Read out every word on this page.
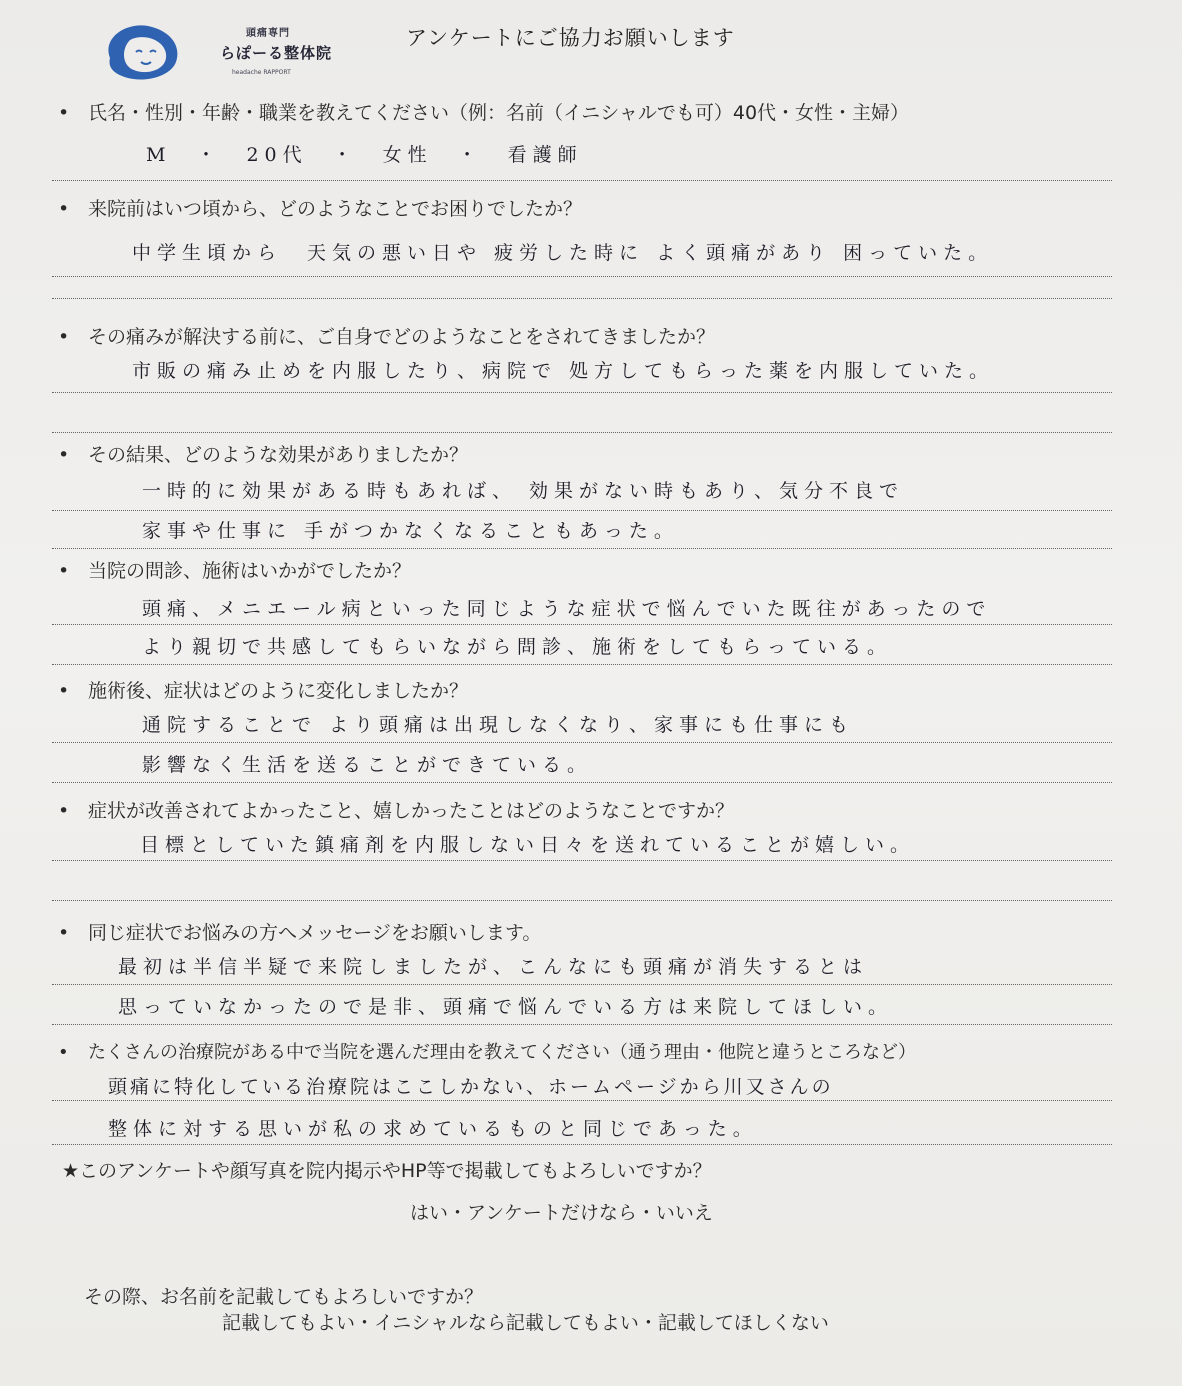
頭痛専門
らぽーる整体院
headache RAPPORT
アンケートにご協力お願いします
• 氏名・性別・年齢・職業を教えてください（例：名前（イニシャルでも可）40代・女性・主婦）
M　・　20代　・　女性　・　看護師
• 来院前はいつ頃から、どのようなことでお困りでしたか？
中学生頃から　天気の悪い日や 疲労した時に よく頭痛があり 困っていた。
• その痛みが解決する前に、ご自身でどのようなことをされてきましたか？
市販の痛み止めを内服したり、病院で 処方してもらった薬を内服していた。
• その結果、どのような効果がありましたか？
一時的に効果がある時もあれば、 効果がない時もあり、気分不良で
家事や仕事に 手がつかなくなることもあった。
• 当院の問診、施術はいかがでしたか？
頭痛、メニエール病といった同じような症状で悩んでいた既往があったので
より親切で共感してもらいながら問診、施術をしてもらっている。
• 施術後、症状はどのように変化しましたか？
通院することで より頭痛は出現しなくなり、家事にも仕事にも
影響なく生活を送ることができている。
• 症状が改善されてよかったこと、嬉しかったことはどのようなことですか？
目標としていた鎮痛剤を内服しない日々を送れていることが嬉しい。
• 同じ症状でお悩みの方へメッセージをお願いします。
最初は半信半疑で来院しましたが、こんなにも頭痛が消失するとは
思っていなかったので是非、頭痛で悩んでいる方は来院してほしい。
• たくさんの治療院がある中で当院を選んだ理由を教えてください（通う理由・他院と違うところなど）
頭痛に特化している治療院はここしかない、ホームページから川又さんの
整体に対する思いが私の求めているものと同じであった。
★このアンケートや顔写真を院内掲示やHP等で掲載してもよろしいですか？
はい・アンケートだけなら・いいえ
その際、お名前を記載してもよろしいですか？
記載してもよい・イニシャルなら記載してもよい・記載してほしくない
